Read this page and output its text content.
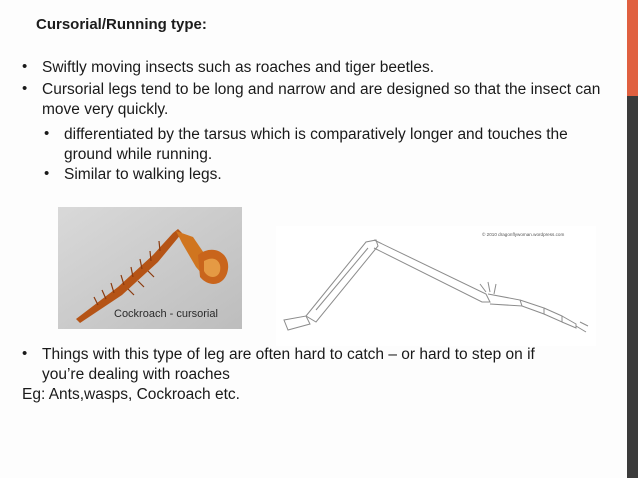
Cursorial/Running type:
• Swiftly moving insects such as roaches and tiger beetles.
• Cursorial legs tend to be long and narrow and are designed so that the insect can move very quickly.
• differentiated by the tarsus which is comparatively longer and touches the ground while running.
• Similar to walking legs.
Cockroach - cursorial
© 2010 dragonflywoman.wordpress.com
• Things with this type of leg are often hard to catch – or hard to step on if you’re dealing with roaches
Eg: Ants,wasps, Cockroach etc.
